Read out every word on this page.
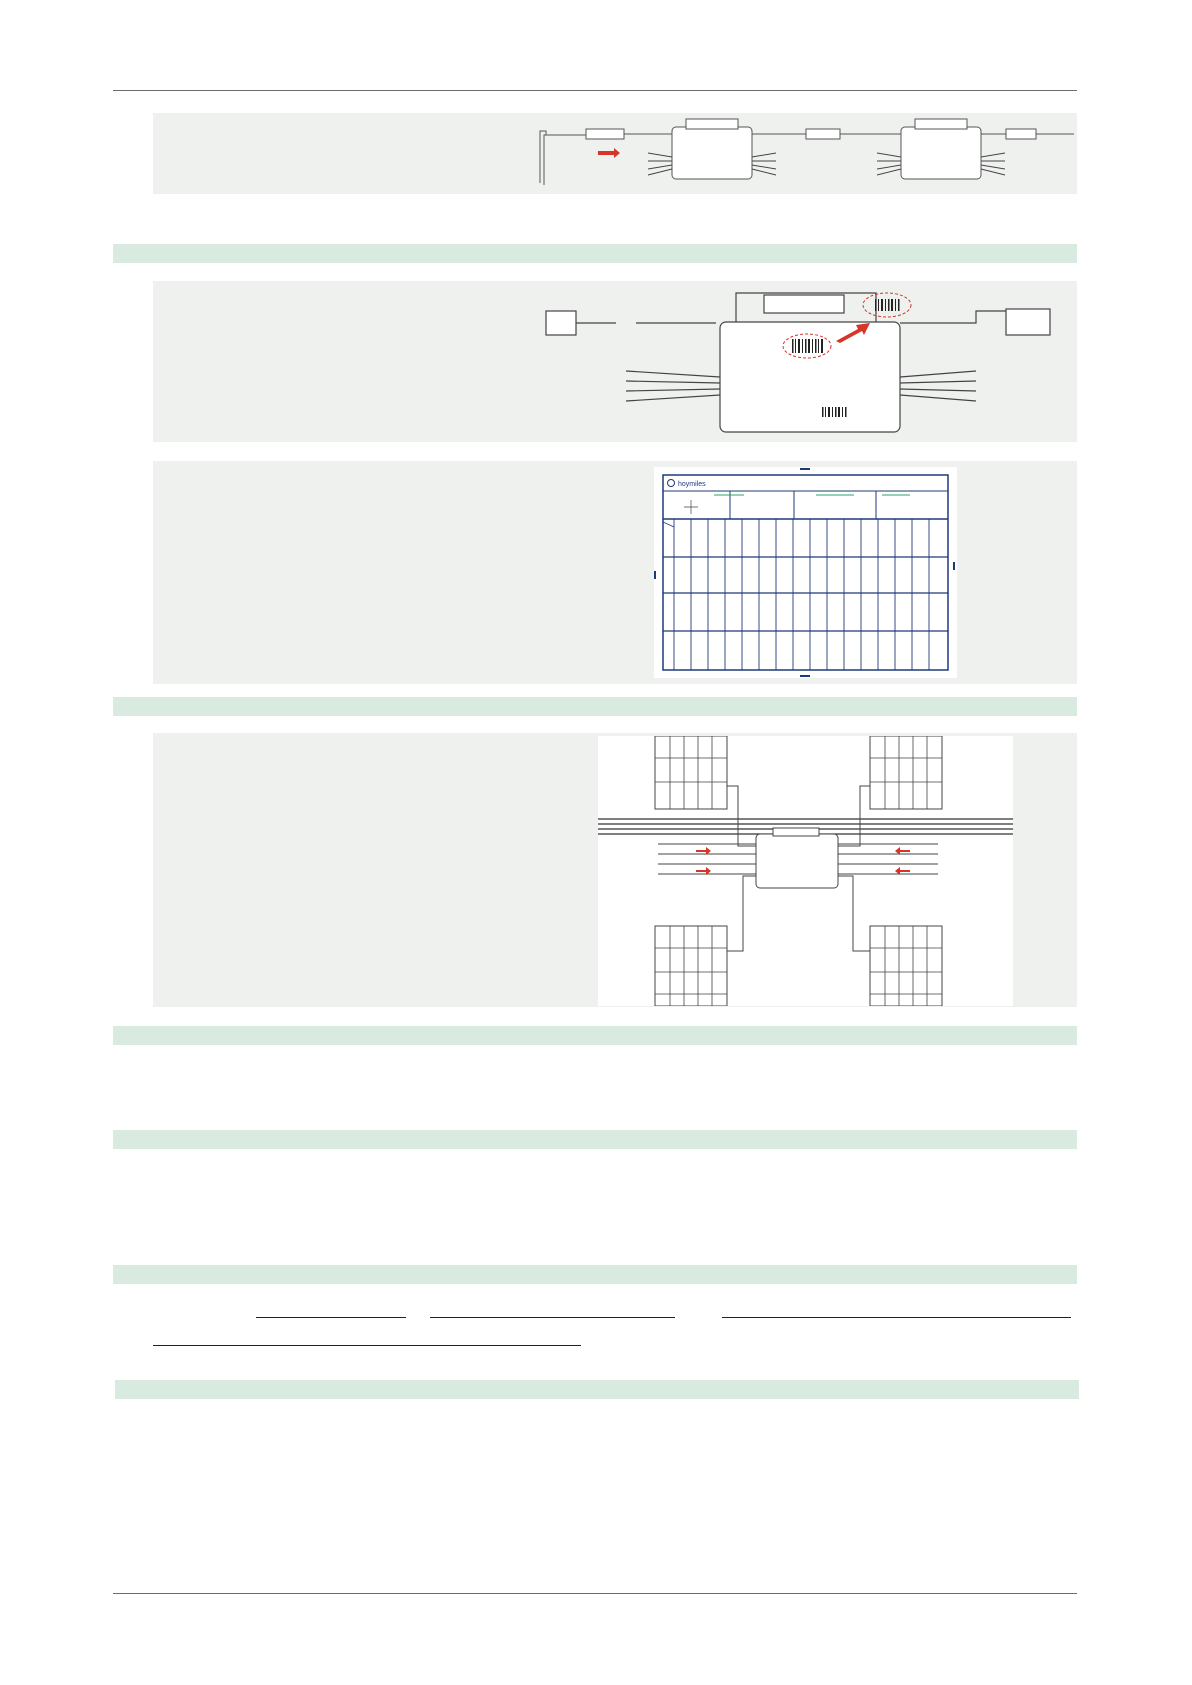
hoymiles
